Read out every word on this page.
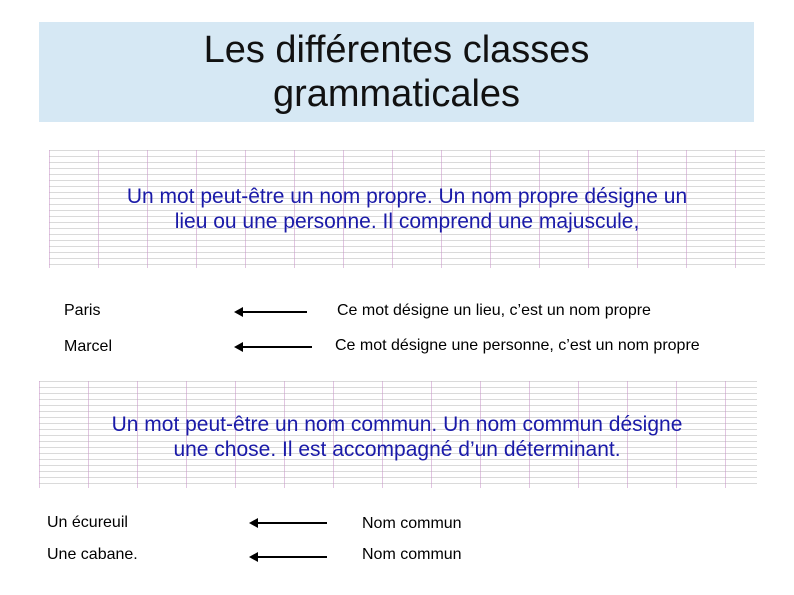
Les différentes classes
grammaticales
Un mot peut-être un nom propre. Un nom propre désigne un
lieu ou une personne. Il comprend une majuscule,
Paris	Ce mot désigne un lieu, c’est un nom propre
Marcel	Ce mot désigne une personne, c’est un nom propre
Un mot peut-être un nom commun. Un nom commun désigne
une chose. Il est accompagné d’un déterminant.
Un écureuil	Nom commun
Une cabane.	Nom commun
